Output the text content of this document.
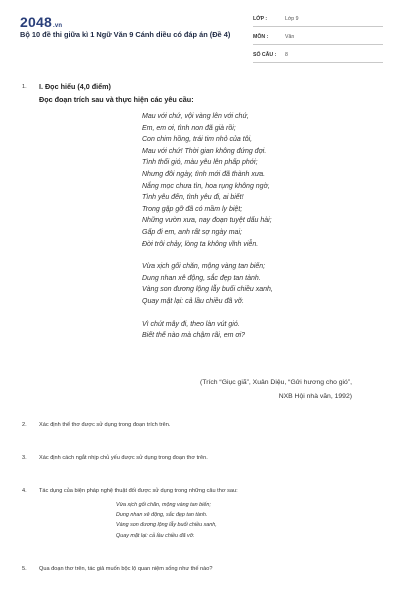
2048.vn
Bộ 10 đề thi giữa kì 1 Ngữ Văn 9 Cánh diều có đáp án (Đề 4)
LỚP :	Lớp 9
MÔN :	Văn
SỐ CÂU : 8
1. I. Đọc hiểu (4,0 điểm)
Đọc đoạn trích sau và thực hiện các yêu cầu:
Mau với chứ, vội vàng lên với chứ,
Em, em ơi, tình non đã già rồi;
Con chim hồng, trái tim nhỏ của tôi,
Mau với chứ! Thời gian không đứng đợi.
Tình thổi gió, màu yêu lên phấp phới;
Nhưng đôi ngày, tình mới đã thành xưa.
Nắng mọc chưa tìn, hoa rụng không ngờ,
Tình yêu đến, tình yêu đi, ai biết!
Trong gặp gỡ đã có mầm ly biệt;
Những vườn xưa, nay đoạn tuyệt dấu hài;
Gấp đi em, anh rất sợ ngày mai;
Đời trôi chảy, lòng ta không vĩnh viễn.
Vừa xịch gối chăn, mộng vàng tan biến;
Dung nhan xê động, sắc đẹp tan tành.
Vàng son đương lộng lẫy buổi chiều xanh,
Quay mặt lại: cả lầu chiều đã vỡ.
Vì chút mây đi, theo làn vút gió.
Biết thế nào mà chậm rãi, em ơi?
(Trích “Giục giã”, Xuân Diệu, “Gửi hương cho gió”,
NXB Hội nhà văn, 1992)
2. Xác định thể thơ được sử dụng trong đoạn trích trên.
3. Xác định cách ngắt nhịp chủ yếu được sử dụng trong đoạn thơ trên.
4. Tác dụng của biện pháp nghệ thuật đối được sử dụng trong những câu thơ sau:
Vừa xịch gối chăn, mộng vàng tan biến;
Dung nhan xê động, sắc đẹp tan tành.
Vàng son đương lộng lẫy buổi chiều xanh,
Quay mặt lại: cả lầu chiều đã vỡ.
5. Qua đoạn thơ trên, tác giả muốn bộc lộ quan niệm sống như thế nào?
